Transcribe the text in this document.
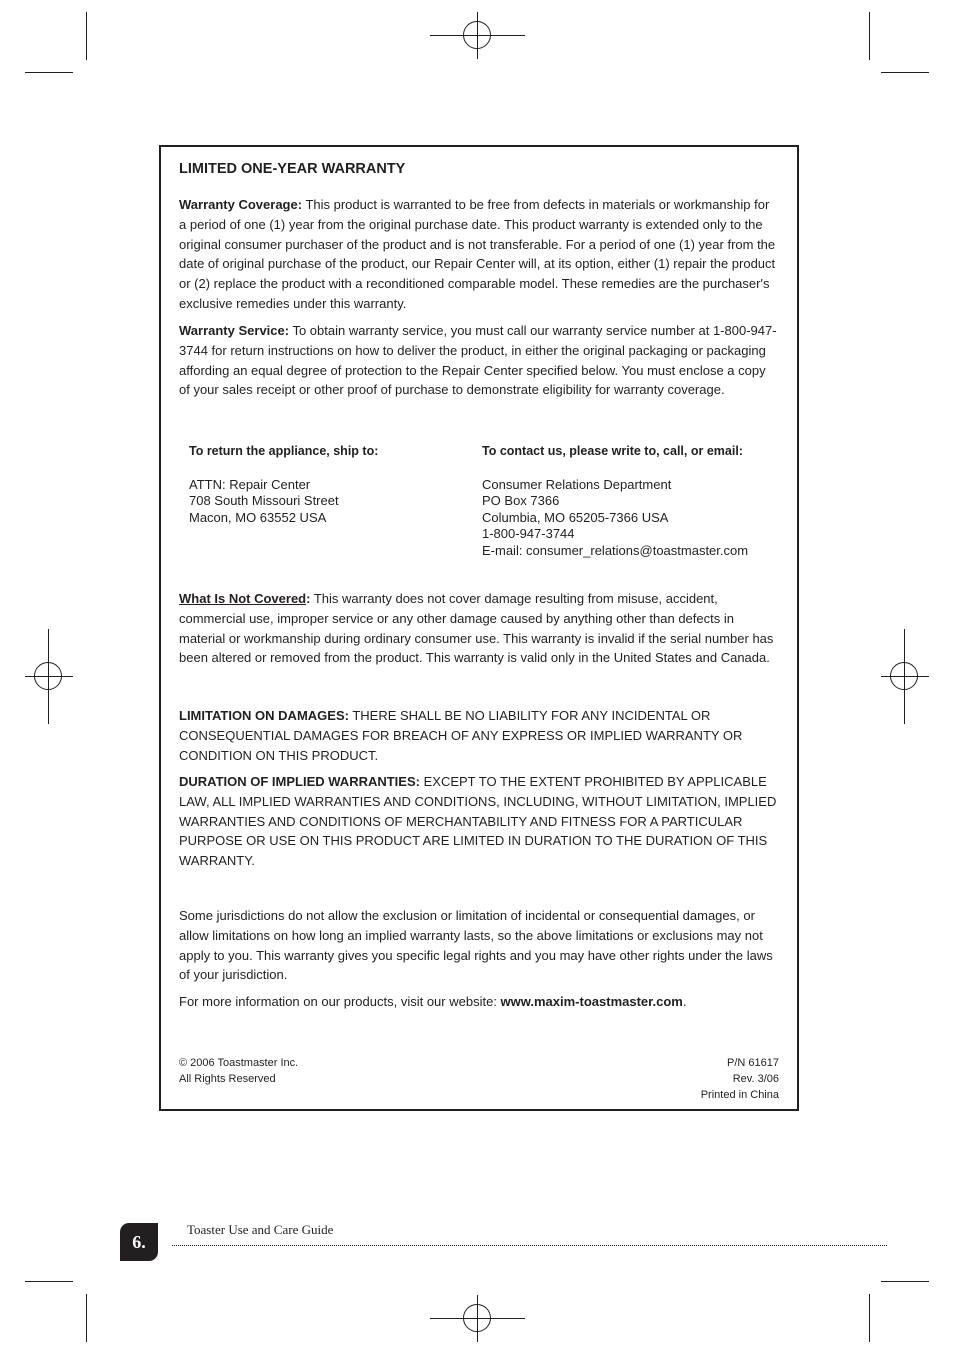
LIMITED ONE-YEAR WARRANTY

Warranty Coverage: This product is warranted to be free from defects in materials or workmanship for a period of one (1) year from the original purchase date. This product warranty is extended only to the original consumer purchaser of the product and is not transferable. For a period of one (1) year from the date of original purchase of the product, our Repair Center will, at its option, either (1) repair the product or (2) replace the product with a reconditioned comparable model. These remedies are the purchaser's exclusive remedies under this warranty.

Warranty Service: To obtain warranty service, you must call our warranty service number at 1-800-947-3744 for return instructions on how to deliver the product, in either the original packaging or packaging affording an equal degree of protection to the Repair Center specified below. You must enclose a copy of your sales receipt or other proof of purchase to demonstrate eligibility for warranty coverage.

To return the appliance, ship to:
ATTN: Repair Center
708 South Missouri Street
Macon, MO 63552 USA
To contact us, please write to, call, or email:
Consumer Relations Department
PO Box 7366
Columbia, MO 65205-7366 USA
1-800-947-3744
E-mail: consumer_relations@toastmaster.com

What Is Not Covered: This warranty does not cover damage resulting from misuse, accident, commercial use, improper service or any other damage caused by anything other than defects in material or workmanship during ordinary consumer use. This warranty is invalid if the serial number has been altered or removed from the product. This warranty is valid only in the United States and Canada.

LIMITATION ON DAMAGES: THERE SHALL BE NO LIABILITY FOR ANY INCIDENTAL OR CONSEQUENTIAL DAMAGES FOR BREACH OF ANY EXPRESS OR IMPLIED WARRANTY OR CONDITION ON THIS PRODUCT.

DURATION OF IMPLIED WARRANTIES: EXCEPT TO THE EXTENT PROHIBITED BY APPLICABLE LAW, ALL IMPLIED WARRANTIES AND CONDITIONS, INCLUDING, WITHOUT LIMITATION, IMPLIED WARRANTIES AND CONDITIONS OF MERCHANTABILITY AND FITNESS FOR A PARTICULAR PURPOSE OR USE ON THIS PRODUCT ARE LIMITED IN DURATION TO THE DURATION OF THIS WARRANTY.

Some jurisdictions do not allow the exclusion or limitation of incidental or consequential damages, or allow limitations on how long an implied warranty lasts, so the above limitations or exclusions may not apply to you. This warranty gives you specific legal rights and you may have other rights under the laws of your jurisdiction.

For more information on our products, visit our website: www.maxim-toastmaster.com.

© 2006 Toastmaster Inc.
All Rights Reserved
P/N 61617
Rev. 3/06
Printed in China
6.
Toaster Use and Care Guide
